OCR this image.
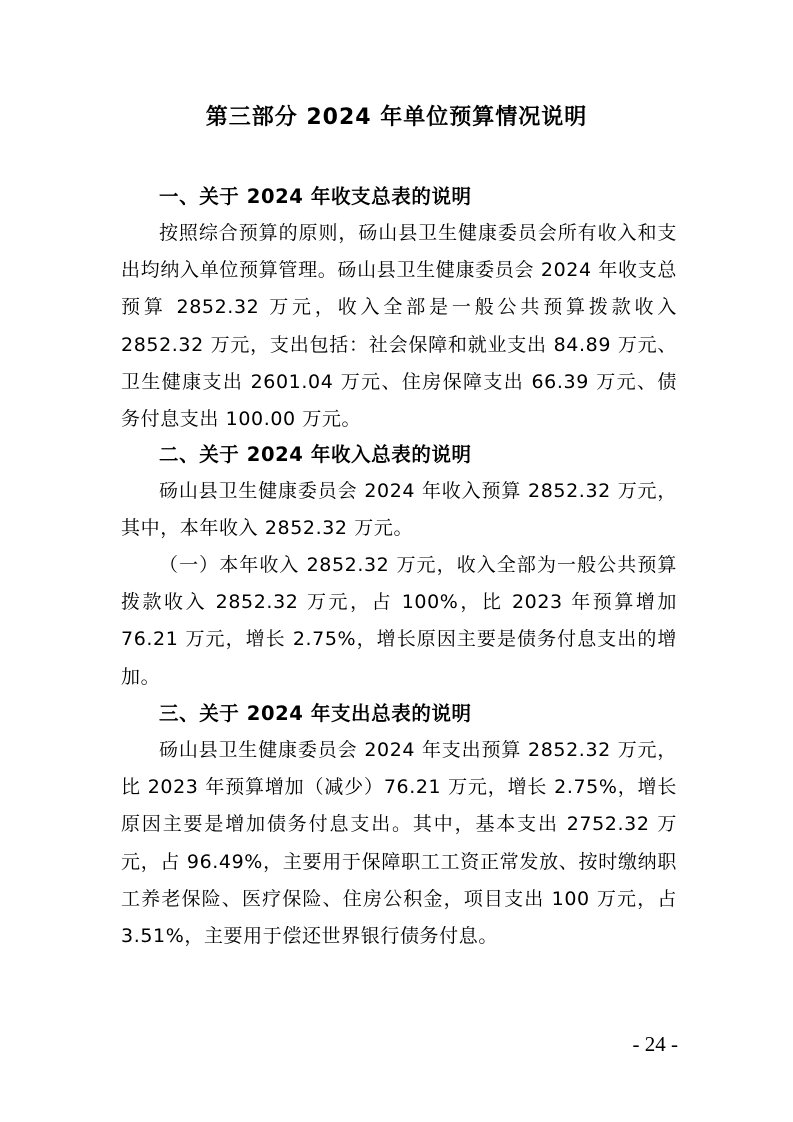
第三部分 2024 年单位预算情况说明
一、关于 2024 年收支总表的说明

按照综合预算的原则，砀山县卫生健康委员会所有收入和支出均纳入单位预算管理。砀山县卫生健康委员会 2024 年收支总预算 2852.32 万元，收入全部是一般公共预算拨款收入 2852.32 万元，支出包括：社会保障和就业支出 84.89 万元、卫生健康支出 2601.04 万元、住房保障支出 66.39 万元、债务付息支出 100.00 万元。

二、关于 2024 年收入总表的说明

砀山县卫生健康委员会 2024 年收入预算 2852.32 万元，其中，本年收入 2852.32 万元。

（一）本年收入 2852.32 万元，收入全部为一般公共预算拨款收入 2852.32 万元，占 100%，比 2023 年预算增加 76.21 万元，增长 2.75%，增长原因主要是债务付息支出的增加。

三、关于 2024 年支出总表的说明

砀山县卫生健康委员会 2024 年支出预算 2852.32 万元，比 2023 年预算增加（减少）76.21 万元，增长 2.75%，增长原因主要是增加债务付息支出。其中，基本支出 2752.32 万元，占 96.49%，主要用于保障职工工资正常发放、按时缴纳职工养老保险、医疗保险、住房公积金，项目支出 100 万元，占 3.51%，主要用于偿还世界银行债务付息。

- 24 -
